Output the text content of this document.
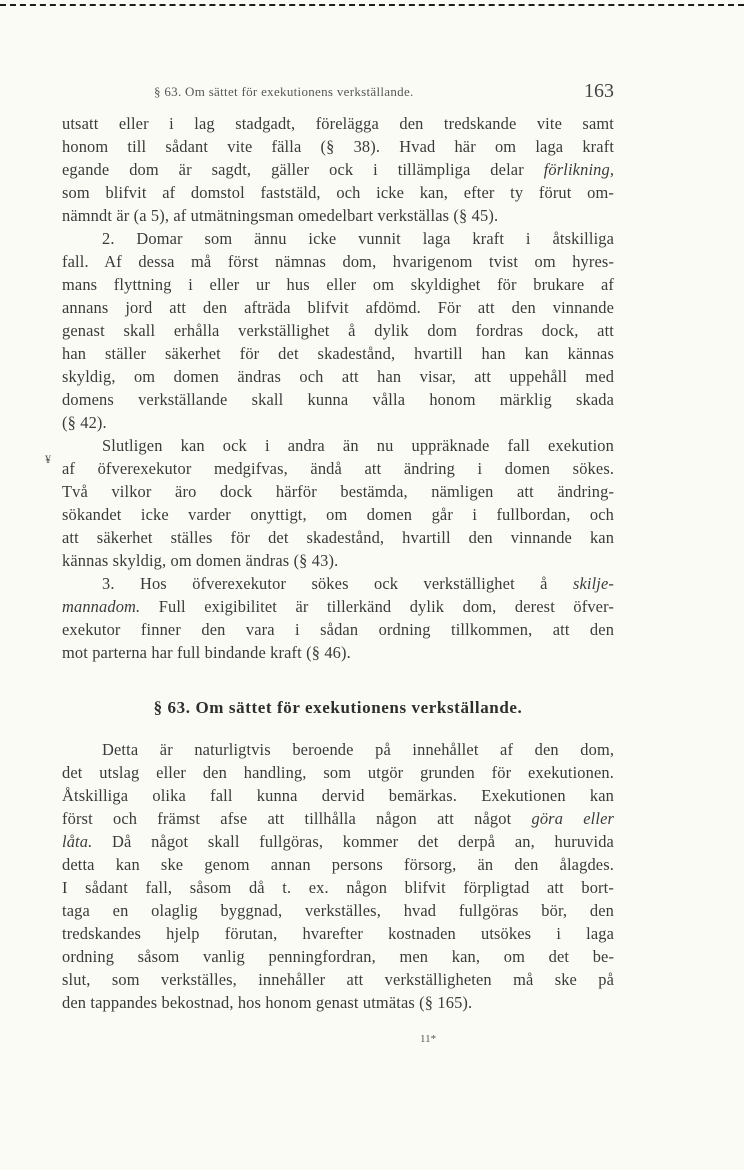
¥
§ 63. Om sättet för exekutionens verkställande.	163
utsatt eller i lag stadgadt, förelägga den tredskande vite samt
honom till sådant vite fälla (§ 38). Hvad här om laga kraft
egande dom är sagdt, gäller ock i tillämpliga delar förlikning,
som blifvit af domstol faststäld, och icke kan, efter ty förut om-
nämndt är (a 5), af utmätningsman omedelbart verkställas (§ 45).
2. Domar som ännu icke vunnit laga kraft i åtskilliga
fall. Af dessa må först nämnas dom, hvarigenom tvist om hyres-
mans flyttning i eller ur hus eller om skyldighet för brukare af
annans jord att den afträda blifvit afdömd. För att den vinnande
genast skall erhålla verkställighet å dylik dom fordras dock, att
han ställer säkerhet för det skadestånd, hvartill han kan kännas
skyldig, om domen ändras och att han visar, att uppehåll med
domens verkställande skall kunna vålla honom märklig skada
(§ 42).
Slutligen kan ock i andra än nu uppräknade fall exekution
af öfverexekutor medgifvas, ändå att ändring i domen sökes.
Två vilkor äro dock härför bestämda, nämligen att ändring-
sökandet icke varder onyttigt, om domen går i fullbordan, och
att säkerhet ställes för det skadestånd, hvartill den vinnande kan
kännas skyldig, om domen ändras (§ 43).
3. Hos öfverexekutor sökes ock verkställighet å skilje-
mannadom. Full exigibilitet är tillerkänd dylik dom, derest öfver-
exekutor finner den vara i sådan ordning tillkommen, att den
mot parterna har full bindande kraft (§ 46).
§ 63. Om sättet för exekutionens verkställande.
Detta är naturligtvis beroende på innehållet af den dom,
det utslag eller den handling, som utgör grunden för exekutionen.
Åtskilliga olika fall kunna dervid bemärkas. Exekutionen kan
först och främst afse att tillhålla någon att något göra eller
låta. Då något skall fullgöras, kommer det derpå an, huruvida
detta kan ske genom annan persons försorg, än den ålagdes.
I sådant fall, såsom då t. ex. någon blifvit förpligtad att bort-
taga en olaglig byggnad, verkställes, hvad fullgöras bör, den
tredskandes hjelp förutan, hvarefter kostnaden utsökes i laga
ordning såsom vanlig penningfordran, men kan, om det be-
slut, som verkställes, innehåller att verkställigheten må ske på
den tappandes bekostnad, hos honom genast utmätas (§ 165).
11*
